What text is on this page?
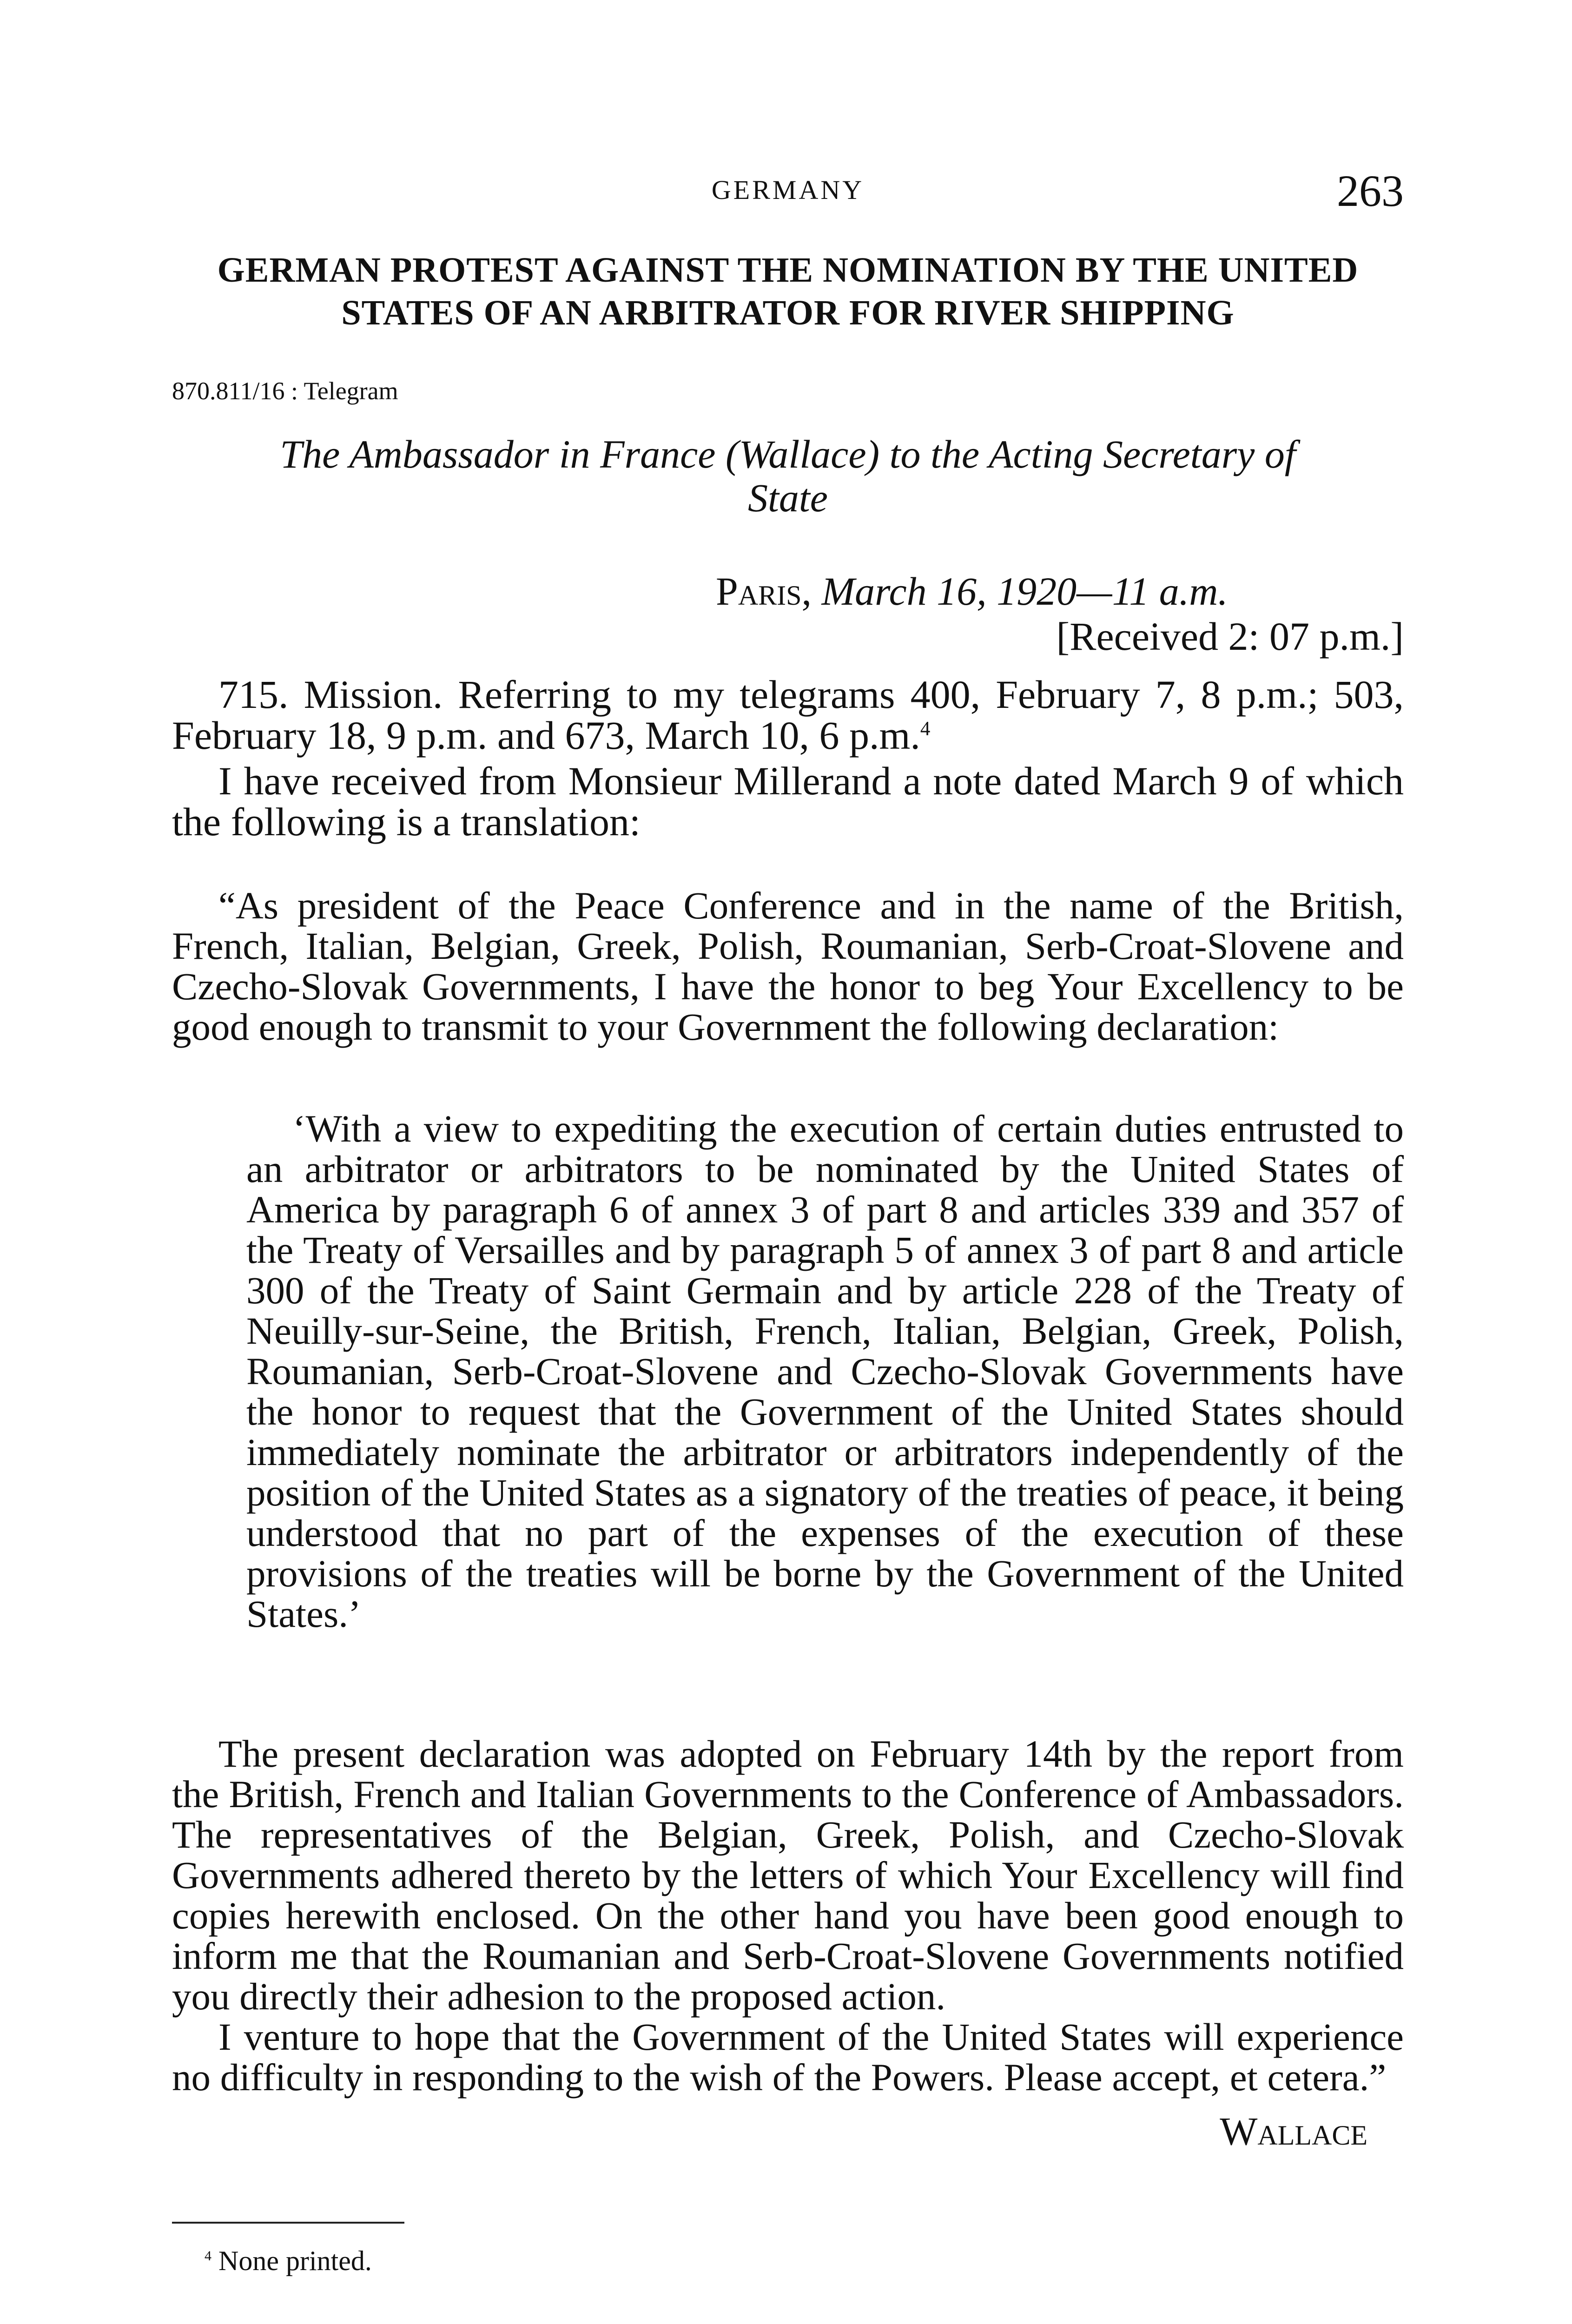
GERMANY	263
GERMAN PROTEST AGAINST THE NOMINATION BY THE UNITED
STATES OF AN ARBITRATOR FOR RIVER SHIPPING
870.811/16 : Telegram
The Ambassador in France (Wallace) to the Acting Secretary of
State
Paris, March 16, 1920—11 a.m.
[Received 2: 07 p.m.]

715. Mission. Referring to my telegrams 400, February 7, 8 p.m.; 503, February 18, 9 p.m. and 673, March 10, 6 p.m.$^4$

I have received from Monsieur Millerand a note dated March 9 of which the following is a translation:

“As president of the Peace Conference and in the name of the British, French, Italian, Belgian, Greek, Polish, Roumanian, Serb-Croat-Slovene and Czecho-Slovak Governments, I have the honor to beg Your Excellency to be good enough to transmit to your Government the following declaration:

‘With a view to expediting the execution of certain duties entrusted to an arbitrator or arbitrators to be nominated by the United States of America by paragraph 6 of annex 3 of part 8 and articles 339 and 357 of the Treaty of Versailles and by paragraph 5 of annex 3 of part 8 and article 300 of the Treaty of Saint Germain and by article 228 of the Treaty of Neuilly-sur-Seine, the British, French, Italian, Belgian, Greek, Polish, Roumanian, Serb-Croat-Slovene and Czecho-Slovak Governments have the honor to request that the Government of the United States should immediately nominate the arbitrator or arbitrators independently of the position of the United States as a signatory of the treaties of peace, it being understood that no part of the expenses of the execution of these provisions of the treaties will be borne by the Government of the United States.’

The present declaration was adopted on February 14th by the report from the British, French and Italian Governments to the Conference of Ambassadors. The representatives of the Belgian, Greek, Polish, and Czecho-Slovak Governments adhered thereto by the letters of which Your Excellency will find copies herewith enclosed. On the other hand you have been good enough to inform me that the Roumanian and Serb-Croat-Slovene Governments notified you directly their adhesion to the proposed action.

I venture to hope that the Government of the United States will experience no difficulty in responding to the wish of the Powers. Please accept, et cetera.”

Wallace
$^4$ None printed.
